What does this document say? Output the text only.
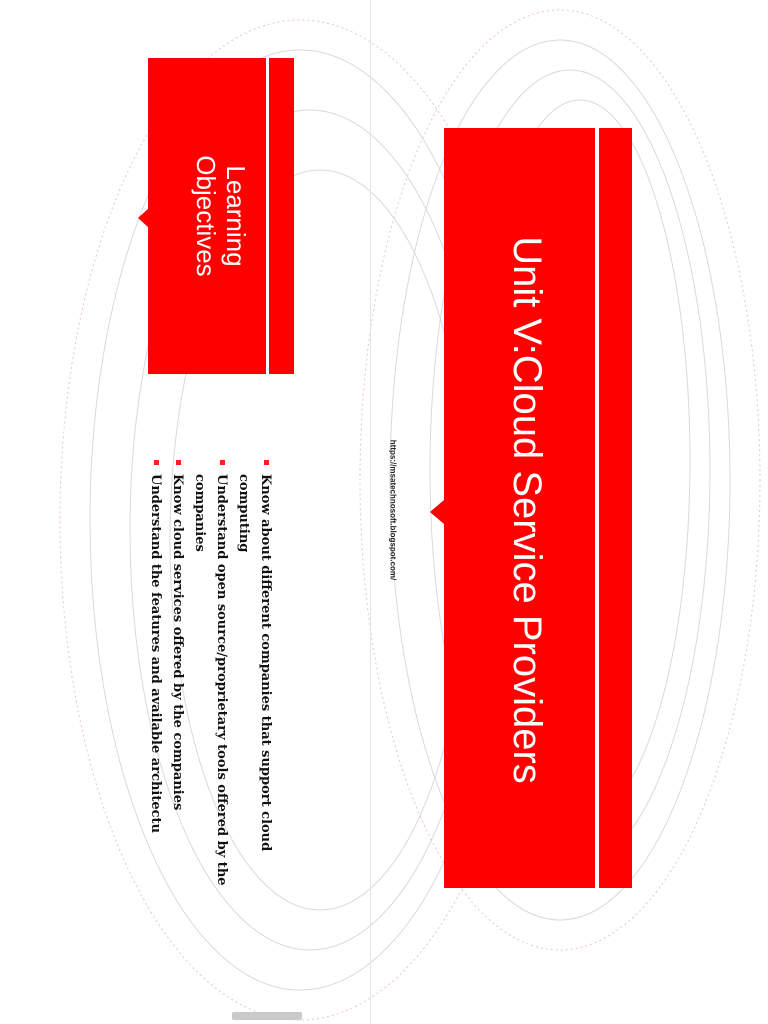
Learning
Objectives
Know about different companies that support cloud computing
Understand open source/proprietary tools offered by the companies
Know cloud services offered by the companies
Understand the features and available architectu	Unit V:Cloud Service Providers
https://msatechnosoft.blogspot.com/
